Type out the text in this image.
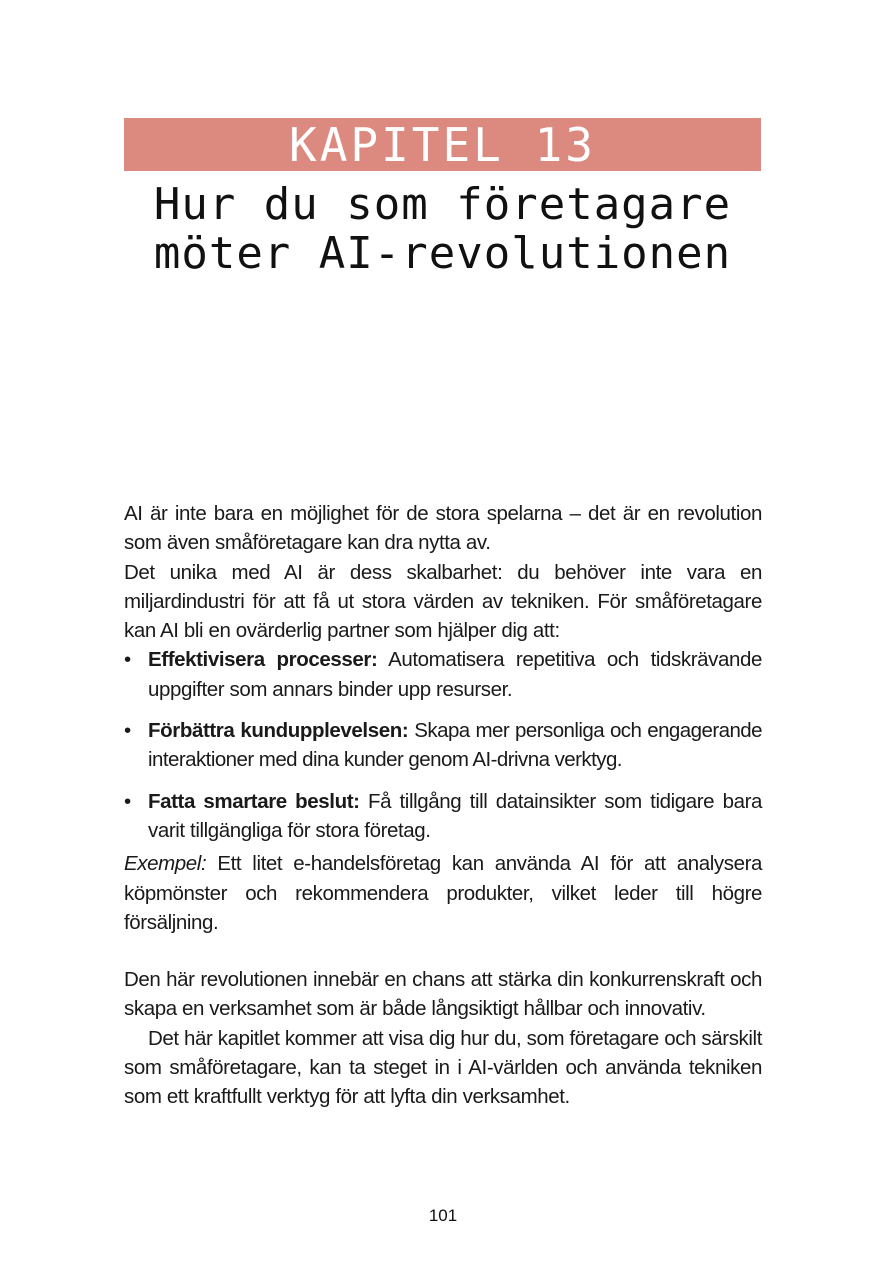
KAPITEL 13
Hur du som företagare
möter AI-revolutionen

AI är inte bara en möjlighet för de stora spelarna – det är en revolution som även småföretagare kan dra nytta av.

Det unika med AI är dess skalbarhet: du behöver inte vara en miljardindustri för att få ut stora värden av tekniken. För småföretagare kan AI bli en ovärderlig partner som hjälper dig att:

• Effektivisera processer: Automatisera repetitiva och tidskrävande uppgifter som annars binder upp resurser.
• Förbättra kundupplevelsen: Skapa mer personliga och engagerande interaktioner med dina kunder genom AI-drivna verktyg.
• Fatta smartare beslut: Få tillgång till datainsikter som tidigare bara varit tillgängliga för stora företag.

Exempel: Ett litet e-handelsföretag kan använda AI för att analysera köpmönster och rekommendera produkter, vilket leder till högre försäljning.

Den här revolutionen innebär en chans att stärka din konkurrenskraft och skapa en verksamhet som är både långsiktigt hållbar och innovativ.

Det här kapitlet kommer att visa dig hur du, som företagare och särskilt som småföretagare, kan ta steget in i AI-världen och använda tekniken som ett kraftfullt verktyg för att lyfta din verksamhet.

101
